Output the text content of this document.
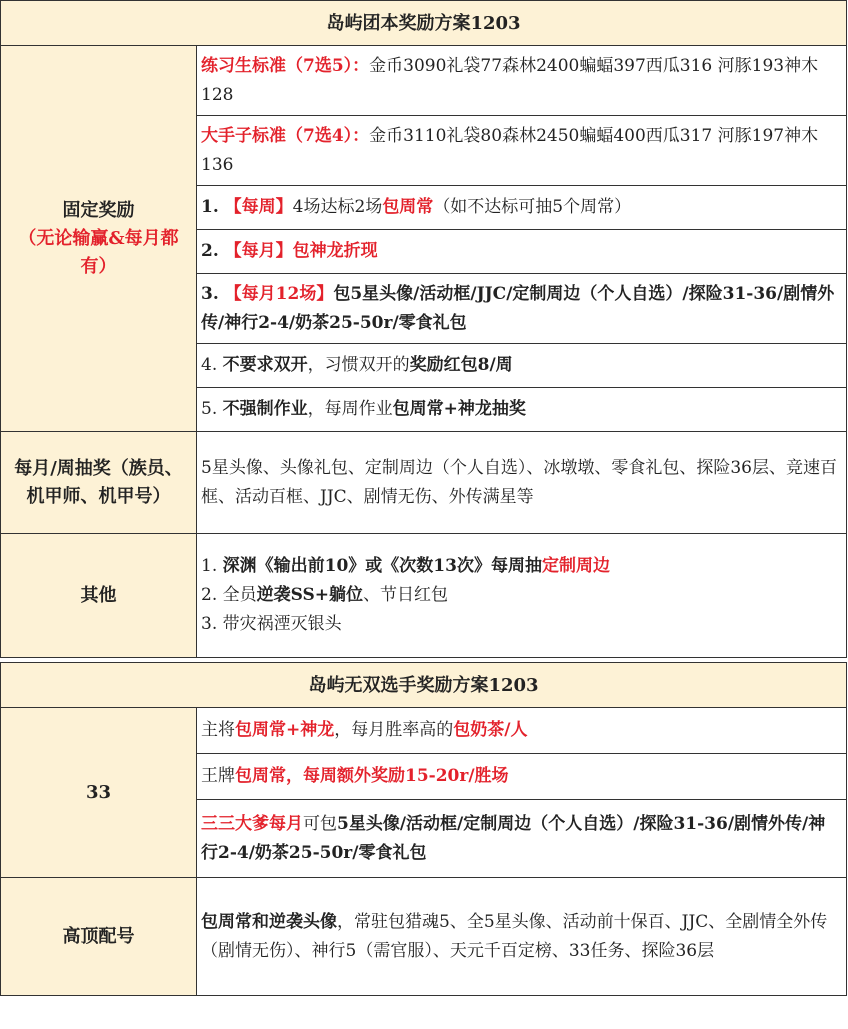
岛屿团本奖励方案1203	

固定奖励
（无论输赢&每月都有）	练习生标准（7选5）：金币3090礼袋77森林2400蝙蝠397西瓜316 河豚193神木128
	大手子标准（7选4）：金币3110礼袋80森林2450蝙蝠400西瓜317 河豚197神木136
	1. 【每周】4场达标2场包周常（如不达标可抽5个周常）
	2. 【每月】包神龙折现
	3. 【每月12场】包5星头像/活动框/JJC/定制周边（个人自选）/探险31-36/剧情外传/神行2-4/奶茶25-50r/零食礼包
	4. 不要求双开，习惯双开的奖励红包8/周
	5. 不强制作业，每周作业包周常+神龙抽奖
每月/周抽奖（族员、机甲师、机甲号）	5星头像、头像礼包、定制周边（个人自选）、冰墩墩、零食礼包、探险36层、竞速百框、活动百框、JJC、剧情无伤、外传满星等
其他	1. 深渊《输出前10》或《次数13次》每周抽定制周边
2. 全员逆袭SS+躺位、节日红包
3. 带灾祸湮灭银头

岛屿无双选手奖励方案1203	
33	主将包周常+神龙，每月胜率高的包奶茶/人
	王牌包周常，每周额外奖励15-20r/胜场
	三三大爹每月可包5星头像/活动框/定制周边（个人自选）/探险31-36/剧情外传/神行2-4/奶茶25-50r/零食礼包
高顶配号	包周常和逆袭头像，常驻包猎魂5、全5星头像、活动前十保百、JJC、全剧情全外传（剧情无伤）、神行5（需官服）、天元千百定榜、33任务、探险36层
